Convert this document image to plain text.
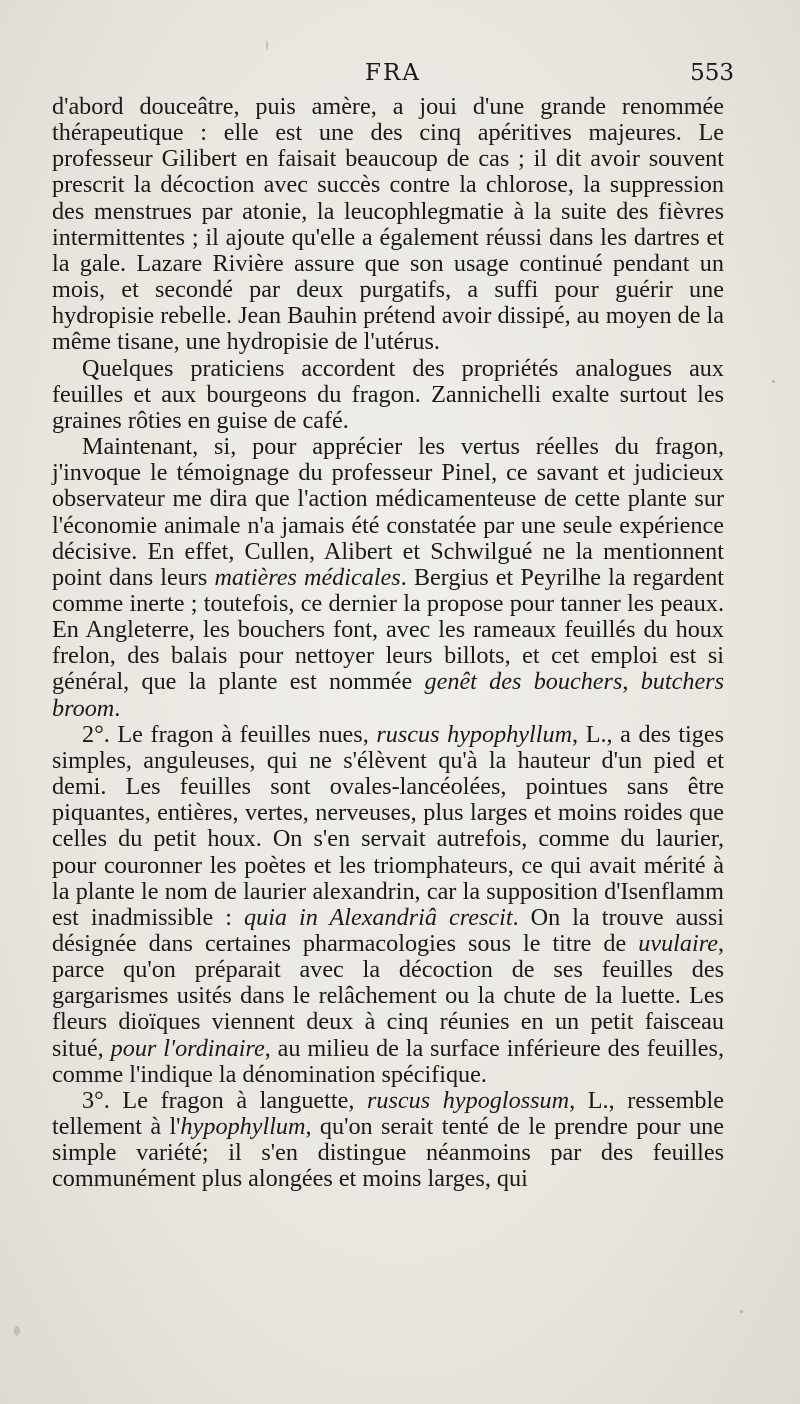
FRA	553

d'abord douceâtre, puis amère, a joui d'une grande renommée thérapeutique : elle est une des cinq apéritives majeures. Le professeur Gilibert en faisait beaucoup de cas ; il dit avoir souvent prescrit la décoction avec succès contre la chlorose, la suppression des menstrues par atonie, la leucophlegmatie à la suite des fièvres intermittentes ; il ajoute qu'elle a également réussi dans les dartres et la gale. Lazare Rivière assure que son usage continué pendant un mois, et secondé par deux purgatifs, a suffi pour guérir une hydropisie rebelle. Jean Bauhin prétend avoir dissipé, au moyen de la même tisane, une hydropisie de l'utérus.

Quelques praticiens accordent des propriétés analogues aux feuilles et aux bourgeons du fragon. Zannichelli exalte surtout les graines rôties en guise de café.

Maintenant, si, pour apprécier les vertus réelles du fragon, j'invoque le témoignage du professeur Pinel, ce savant et judicieux observateur me dira que l'action médicamenteuse de cette plante sur l'économie animale n'a jamais été constatée par une seule expérience décisive. En effet, Cullen, Alibert et Schwilgué ne la mentionnent point dans leurs matières médicales. Bergius et Peyrilhe la regardent comme inerte ; toutefois, ce dernier la propose pour tanner les peaux. En Angleterre, les bouchers font, avec les rameaux feuillés du houx frelon, des balais pour nettoyer leurs billots, et cet emploi est si général, que la plante est nommée genêt des bouchers, butchers broom.

2°. Le fragon à feuilles nues, ruscus hypophyllum, L., a des tiges simples, anguleuses, qui ne s'élèvent qu'à la hauteur d'un pied et demi. Les feuilles sont ovales-lancéolées, pointues sans être piquantes, entières, vertes, nerveuses, plus larges et moins roides que celles du petit houx. On s'en servait autrefois, comme du laurier, pour couronner les poètes et les triomphateurs, ce qui avait mérité à la plante le nom de laurier alexandrin, car la supposition d'Isenflamm est inadmissible : quia in Alexandriâ crescit. On la trouve aussi désignée dans certaines pharmacologies sous le titre de uvulaire, parce qu'on préparait avec la décoction de ses feuilles des gargarismes usités dans le relâchement ou la chute de la luette. Les fleurs dioïques viennent deux à cinq réunies en un petit faisceau situé, pour l'ordinaire, au milieu de la surface inférieure des feuilles, comme l'indique la dénomination spécifique.

3°. Le fragon à languette, ruscus hypoglossum, L., ressemble tellement à l'hypophyllum, qu'on serait tenté de le prendre pour une simple variété; il s'en distingue néanmoins par des feuilles communément plus alongées et moins larges, qui
